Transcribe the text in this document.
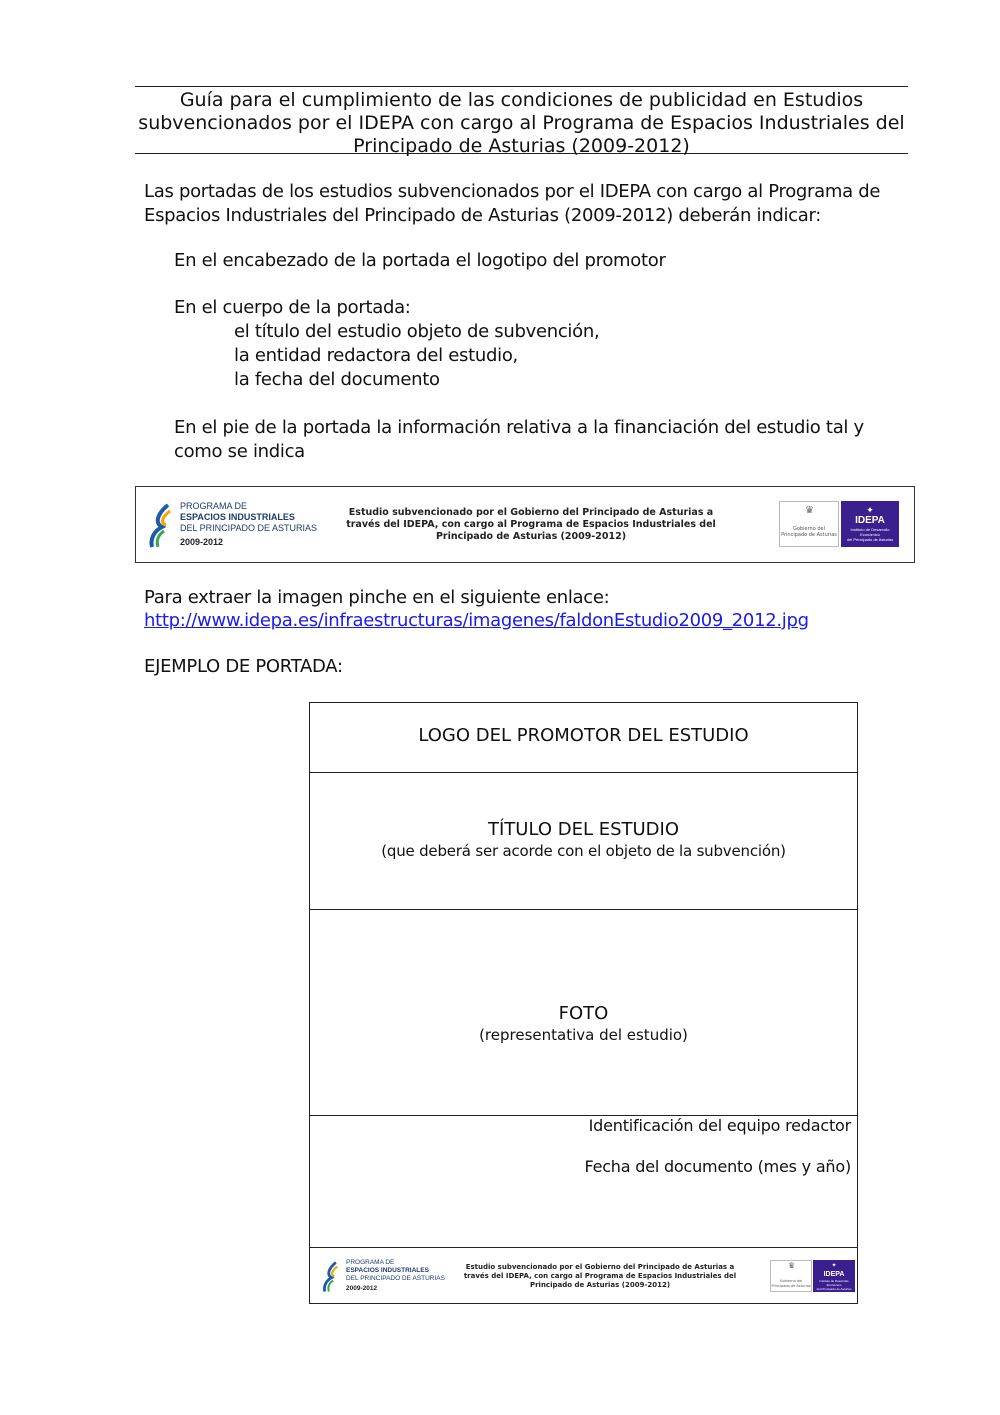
Guía para el cumplimiento de las condiciones de publicidad en Estudios
subvencionados por el IDEPA con cargo al Programa de Espacios Industriales del
Principado de Asturias (2009-2012)
Las portadas de los estudios subvencionados por el IDEPA con cargo al Programa de
Espacios Industriales del Principado de Asturias (2009-2012) deberán indicar:
En el encabezado de la portada el logotipo del promotor
En el cuerpo de la portada:
el título del estudio objeto de subvención,
la entidad redactora del estudio,
la fecha del documento
En el pie de la portada la información relativa a la financiación del estudio tal y
como se indica
PROGRAMA DE
ESPACIOS INDUSTRIALES
DEL PRINCIPADO DE ASTURIAS
2009-2012
Estudio subvencionado por el Gobierno del Principado de Asturias a
través del IDEPA, con cargo al Programa de Espacios Industriales del
Principado de Asturias (2009-2012)
♛
Gobierno del
Principado de Asturias
✦
IDEPA
Instituto de Desarrollo Económico
del Principado de Asturias
Para extraer la imagen pinche en el siguiente enlace:
http://www.idepa.es/infraestructuras/imagenes/faldonEstudio2009_2012.jpg
EJEMPLO DE PORTADA:
LOGO DEL PROMOTOR DEL ESTUDIO
TÍTULO DEL ESTUDIO
(que deberá ser acorde con el objeto de la subvención)
FOTO
(representativa del estudio)
Identificación del equipo redactor
Fecha del documento (mes y año)
PROGRAMA DE
ESPACIOS INDUSTRIALES
DEL PRINCIPADO DE ASTURIAS
2009-2012
Estudio subvencionado por el Gobierno del Principado de Asturias a
través del IDEPA, con cargo al Programa de Espacios Industriales del
Principado de Asturias (2009-2012)
♛
Gobierno del
Principado de Asturias
✦
IDEPA
Instituto de Desarrollo Económico
del Principado de Asturias
